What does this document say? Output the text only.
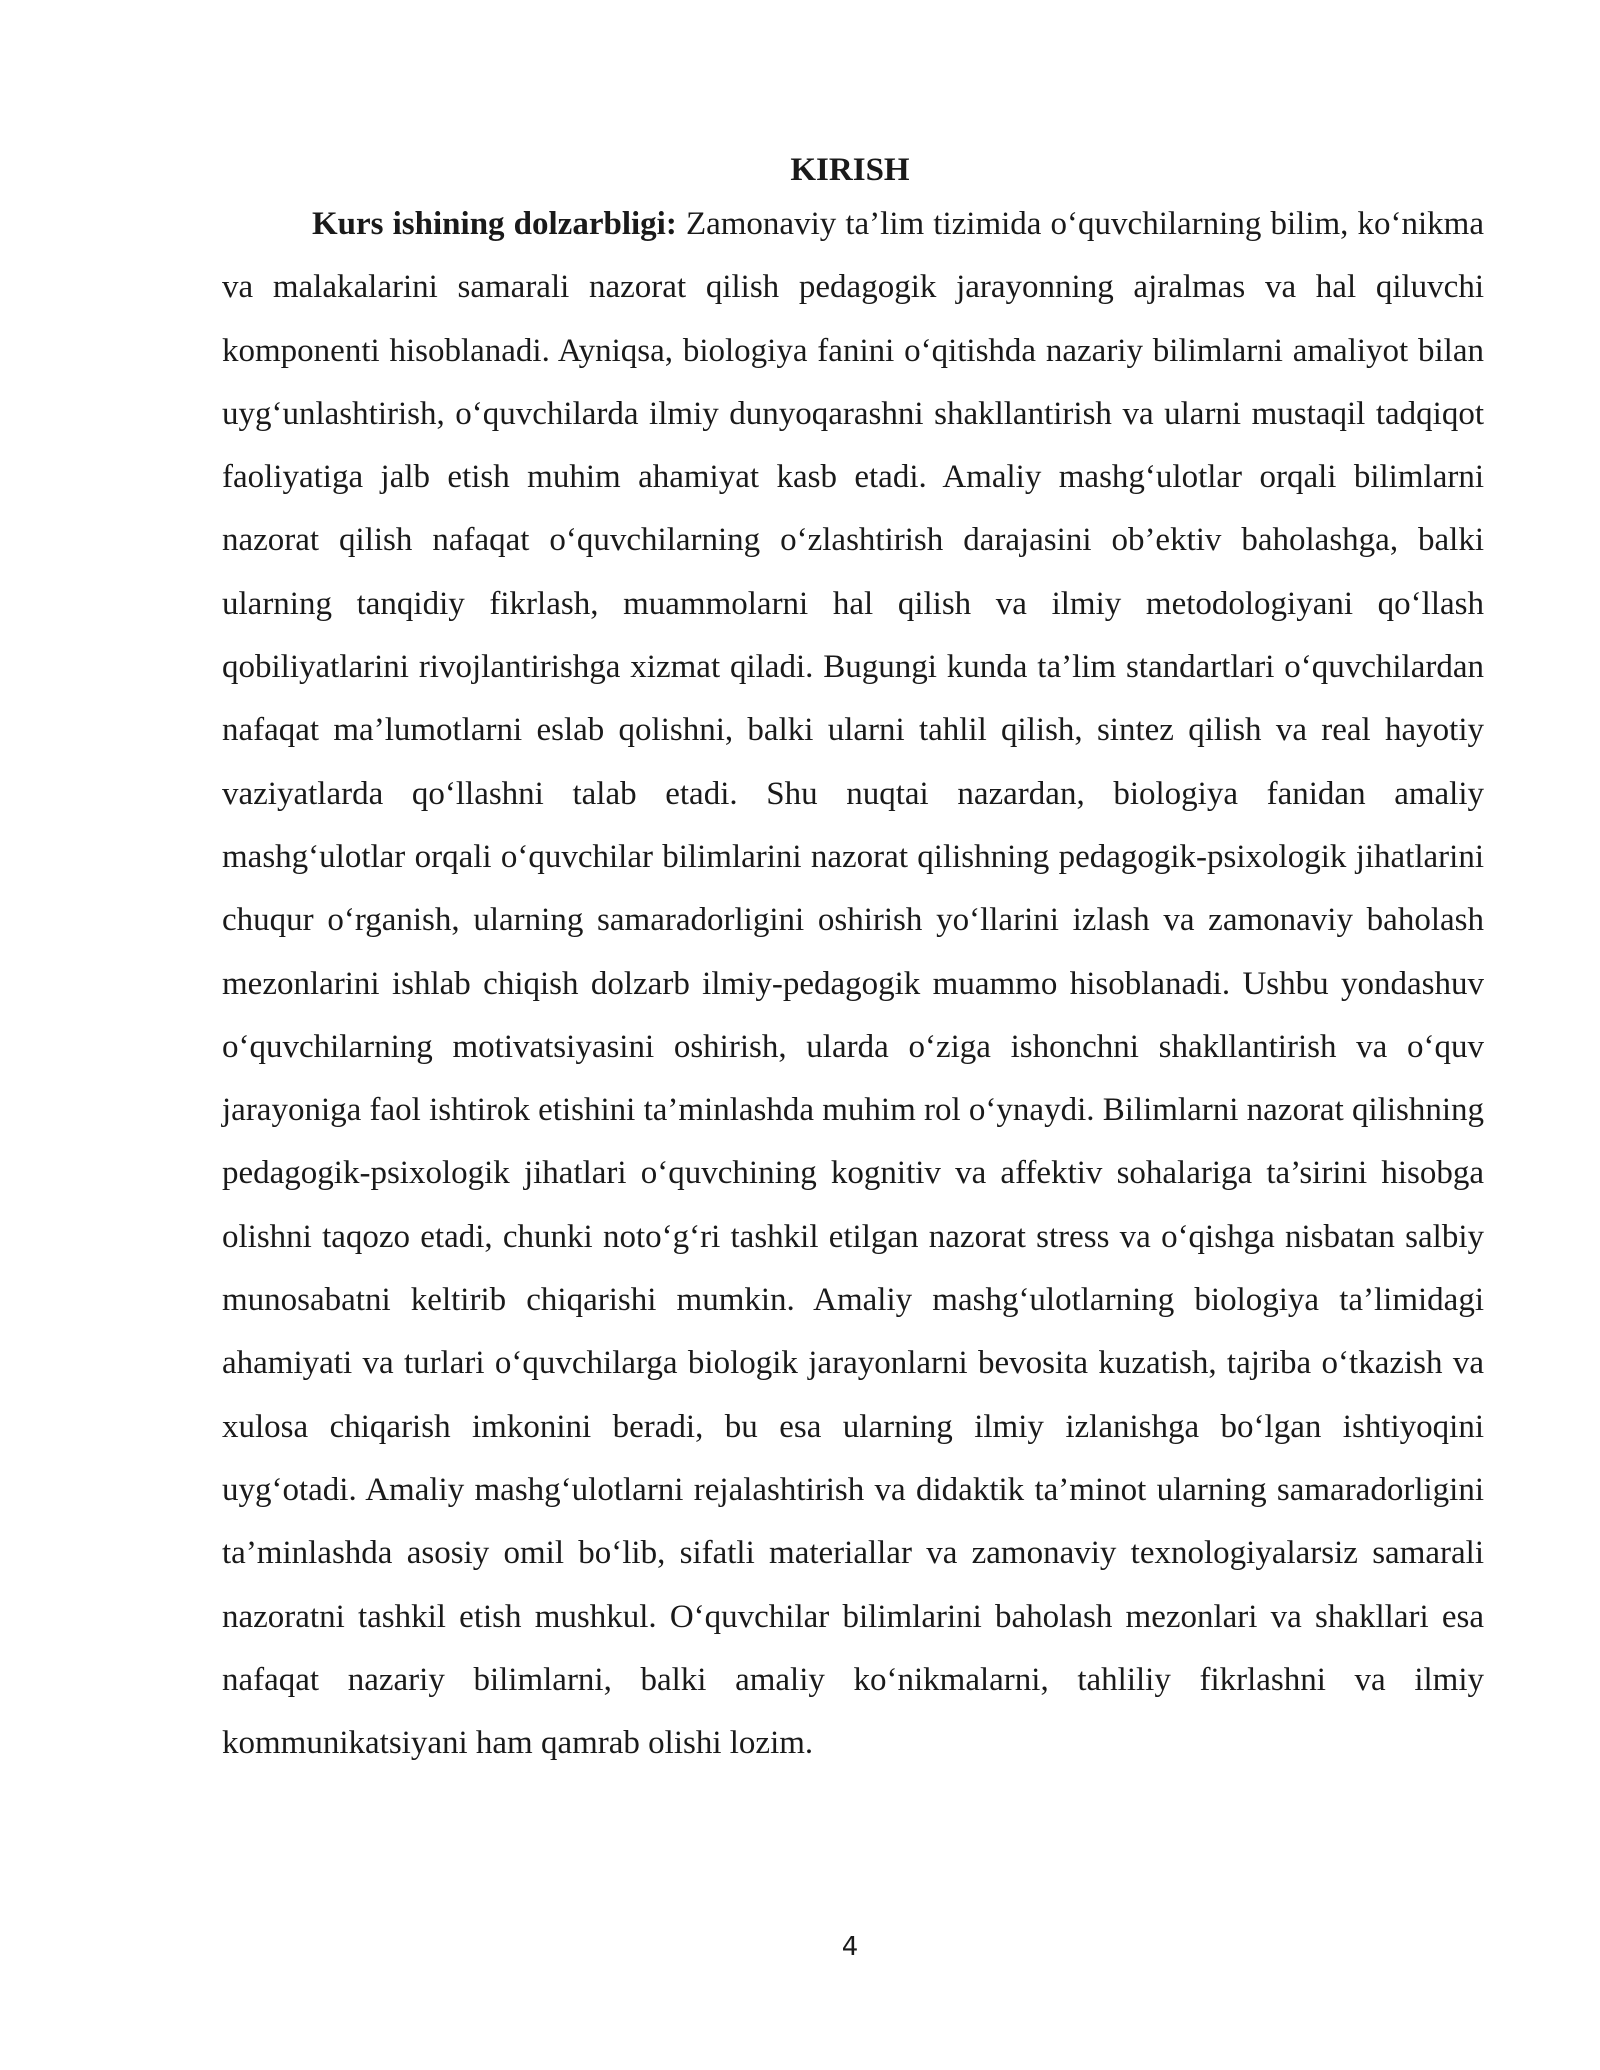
KIRISH

Kurs ishining dolzarbligi: Zamonaviy ta’lim tizimida o‘quvchilarning bilim, ko‘nikma va malakalarini samarali nazorat qilish pedagogik jarayonning ajralmas va hal qiluvchi komponenti hisoblanadi. Ayniqsa, biologiya fanini o‘qitishda nazariy bilimlarni amaliyot bilan uyg‘unlashtirish, o‘quvchilarda ilmiy dunyoqarashni shakllantirish va ularni mustaqil tadqiqot faoliyatiga jalb etish muhim ahamiyat kasb etadi. Amaliy mashg‘ulotlar orqali bilimlarni nazorat qilish nafaqat o‘quvchilarning o‘zlashtirish darajasini ob’ektiv baholashga, balki ularning tanqidiy fikrlash, muammolarni hal qilish va ilmiy metodologiyani qo‘llash qobiliyatlarini rivojlantirishga xizmat qiladi. Bugungi kunda ta’lim standartlari o‘quvchilardan nafaqat ma’lumotlarni eslab qolishni, balki ularni tahlil qilish, sintez qilish va real hayotiy vaziyatlarda qo‘llashni talab etadi. Shu nuqtai nazardan, biologiya fanidan amaliy mashg‘ulotlar orqali o‘quvchilar bilimlarini nazorat qilishning pedagogik-psixologik jihatlarini chuqur o‘rganish, ularning samaradorligini oshirish yo‘llarini izlash va zamonaviy baholash mezonlarini ishlab chiqish dolzarb ilmiy-pedagogik muammo hisoblanadi. Ushbu yondashuv o‘quvchilarning motivatsiyasini oshirish, ularda o‘ziga ishonchni shakllantirish va o‘quv jarayoniga faol ishtirok etishini ta’minlashda muhim rol o‘ynaydi. Bilimlarni nazorat qilishning pedagogik-psixologik jihatlari o‘quvchining kognitiv va affektiv sohalariga ta’sirini hisobga olishni taqozo etadi, chunki noto‘g‘ri tashkil etilgan nazorat stress va o‘qishga nisbatan salbiy munosabatni keltirib chiqarishi mumkin. Amaliy mashg‘ulotlarning biologiya ta’limidagi ahamiyati va turlari o‘quvchilarga biologik jarayonlarni bevosita kuzatish, tajriba o‘tkazish va xulosa chiqarish imkonini beradi, bu esa ularning ilmiy izlanishga bo‘lgan ishtiyoqini uyg‘otadi. Amaliy mashg‘ulotlarni rejalashtirish va didaktik ta’minot ularning samaradorligini ta’minlashda asosiy omil bo‘lib, sifatli materiallar va zamonaviy texnologiyalarsiz samarali nazoratni tashkil etish mushkul. O‘quvchilar bilimlarini baholash mezonlari va shakllari esa nafaqat nazariy bilimlarni, balki amaliy ko‘nikmalarni, tahliliy fikrlashni va ilmiy kommunikatsiyani ham qamrab olishi lozim.

4
